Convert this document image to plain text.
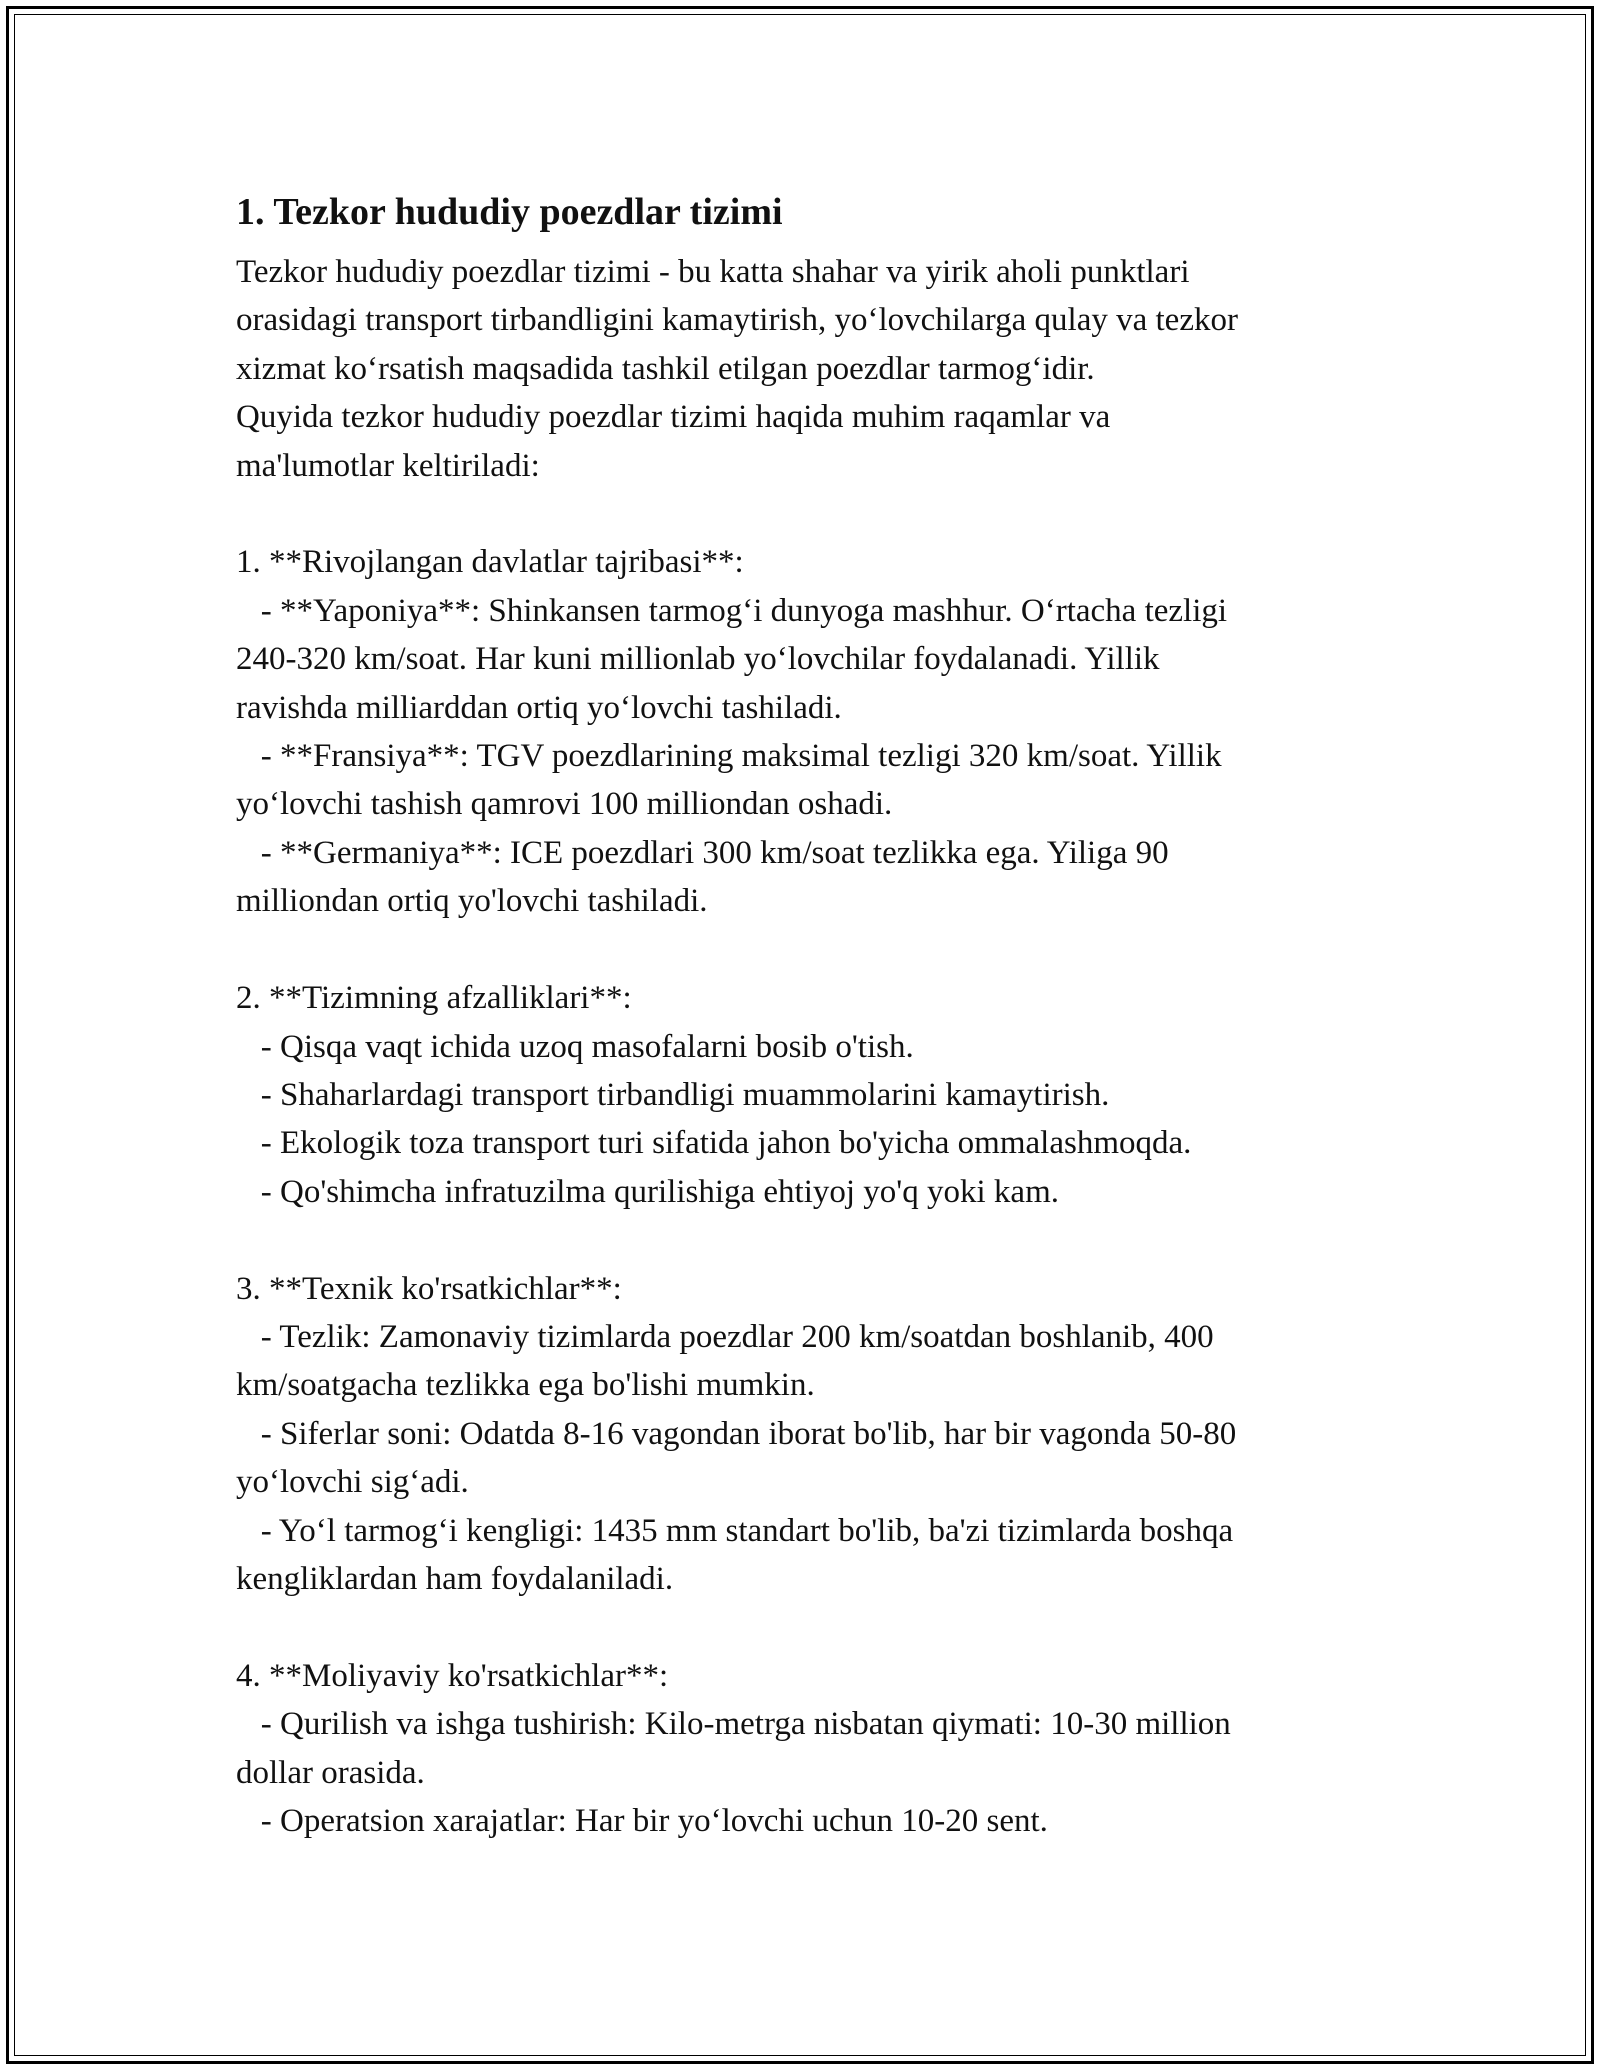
1. Tezkor hududiy poezdlar tizimi

Tezkor hududiy poezdlar tizimi - bu katta shahar va yirik aholi punktlari
orasidagi transport tirbandligini kamaytirish, yo‘lovchilarga qulay va tezkor
xizmat ko‘rsatish maqsadida tashkil etilgan poezdlar tarmog‘idir.
Quyida tezkor hududiy poezdlar tizimi haqida muhim raqamlar va
ma'lumotlar keltiriladi:

1. **Rivojlangan davlatlar tajribasi**:
- **Yaponiya**: Shinkansen tarmog‘i dunyoga mashhur. O‘rtacha tezligi
240-320 km/soat. Har kuni millionlab yo‘lovchilar foydalanadi. Yillik
ravishda milliarddan ortiq yo‘lovchi tashiladi.
- **Fransiya**: TGV poezdlarining maksimal tezligi 320 km/soat. Yillik
yo‘lovchi tashish qamrovi 100 milliondan oshadi.
- **Germaniya**: ICE poezdlari 300 km/soat tezlikka ega. Yiliga 90
milliondan ortiq yo'lovchi tashiladi.

2. **Tizimning afzalliklari**:
- Qisqa vaqt ichida uzoq masofalarni bosib o'tish.
- Shaharlardagi transport tirbandligi muammolarini kamaytirish.
- Ekologik toza transport turi sifatida jahon bo'yicha ommalashmoqda.
- Qo'shimcha infratuzilma qurilishiga ehtiyoj yo'q yoki kam.

3. **Texnik ko'rsatkichlar**:
- Tezlik: Zamonaviy tizimlarda poezdlar 200 km/soatdan boshlanib, 400
km/soatgacha tezlikka ega bo'lishi mumkin.
- Siferlar soni: Odatda 8-16 vagondan iborat bo'lib, har bir vagonda 50-80
yo‘lovchi sig‘adi.
- Yo‘l tarmog‘i kengligi: 1435 mm standart bo'lib, ba'zi tizimlarda boshqa
kengliklardan ham foydalaniladi.

4. **Moliyaviy ko'rsatkichlar**:
- Qurilish va ishga tushirish: Kilo-metrga nisbatan qiymati: 10-30 million
dollar orasida.
- Operatsion xarajatlar: Har bir yo‘lovchi uchun 10-20 sent.
